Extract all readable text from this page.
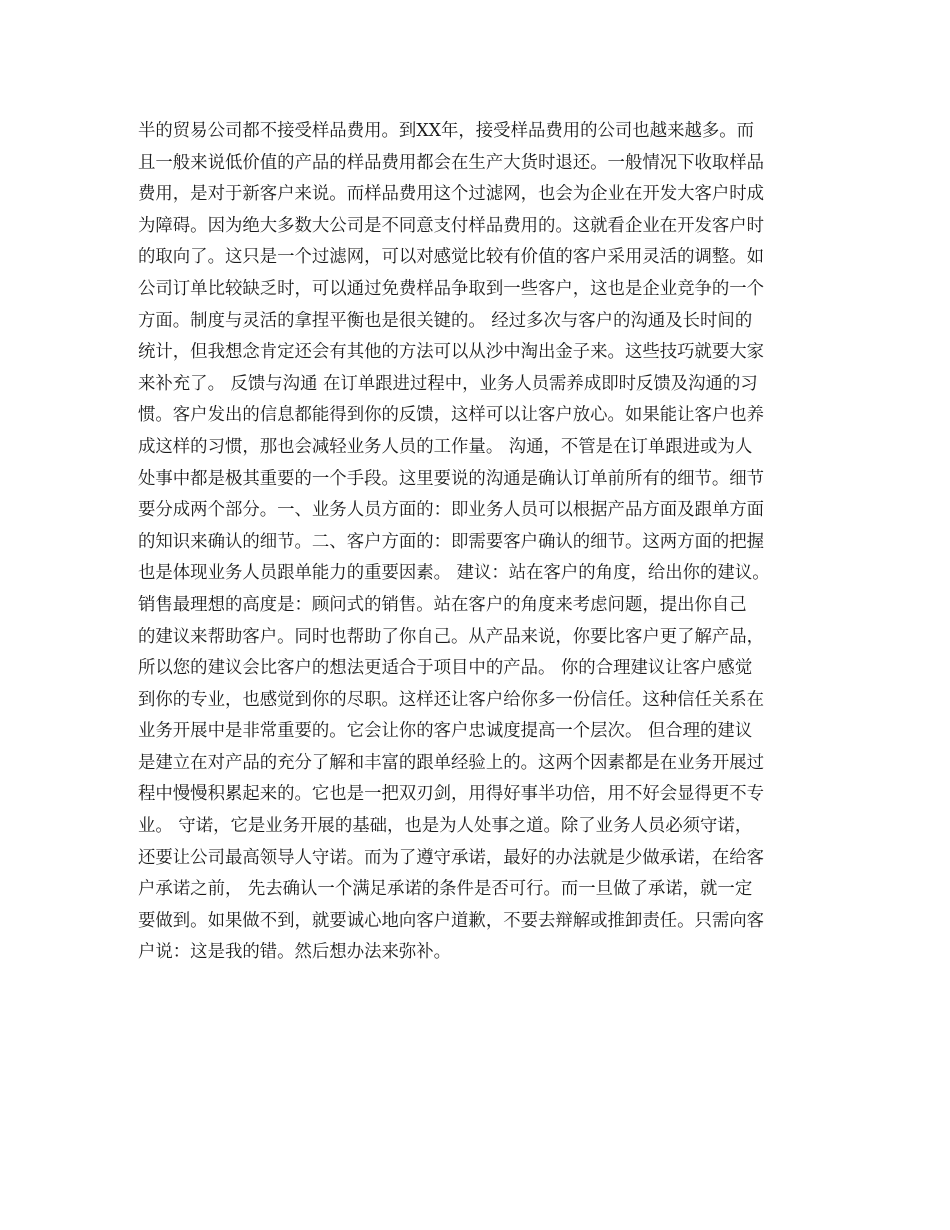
半的贸易公司都不接受样品费用。到XX年，接受样品费用的公司也越来越多。而
且一般来说低价值的产品的样品费用都会在生产大货时退还。一般情况下收取样品
费用，是对于新客户来说。而样品费用这个过滤网，也会为企业在开发大客户时成
为障碍。因为绝大多数大公司是不同意支付样品费用的。这就看企业在开发客户时
的取向了。这只是一个过滤网，可以对感觉比较有价值的客户采用灵活的调整。如
公司订单比较缺乏时，可以通过免费样品争取到一些客户，这也是企业竞争的一个
方面。制度与灵活的拿捏平衡也是很关键的。 经过多次与客户的沟通及长时间的
统计，但我想念肯定还会有其他的方法可以从沙中淘出金子来。这些技巧就要大家
来补充了。 反馈与沟通 在订单跟进过程中，业务人员需养成即时反馈及沟通的习
惯。客户发出的信息都能得到你的反馈，这样可以让客户放心。如果能让客户也养
成这样的习惯，那也会减轻业务人员的工作量。 沟通，不管是在订单跟进或为人
处事中都是极其重要的一个手段。这里要说的沟通是确认订单前所有的细节。细节
要分成两个部分。一、业务人员方面的：即业务人员可以根据产品方面及跟单方面
的知识来确认的细节。二、客户方面的：即需要客户确认的细节。这两方面的把握
也是体现业务人员跟单能力的重要因素。 建议：站在客户的角度，给出你的建议。
销售最理想的高度是：顾问式的销售。站在客户的角度来考虑问题，提出你自己
的建议来帮助客户。同时也帮助了你自己。从产品来说，你要比客户更了解产品，
所以您的建议会比客户的想法更适合于项目中的产品。 你的合理建议让客户感觉
到你的专业，也感觉到你的尽职。这样还让客户给你多一份信任。这种信任关系在
业务开展中是非常重要的。它会让你的客户忠诚度提高一个层次。 但合理的建议
是建立在对产品的充分了解和丰富的跟单经验上的。这两个因素都是在业务开展过
程中慢慢积累起来的。它也是一把双刃剑，用得好事半功倍，用不好会显得更不专
业。 守诺，它是业务开展的基础，也是为人处事之道。除了业务人员必须守诺，
还要让公司最高领导人守诺。而为了遵守承诺，最好的办法就是少做承诺，在给客
户承诺之前， 先去确认一个满足承诺的条件是否可行。而一旦做了承诺，就一定
要做到。如果做不到，就要诚心地向客户道歉，不要去辩解或推卸责任。只需向客
户说：这是我的错。然后想办法来弥补。
